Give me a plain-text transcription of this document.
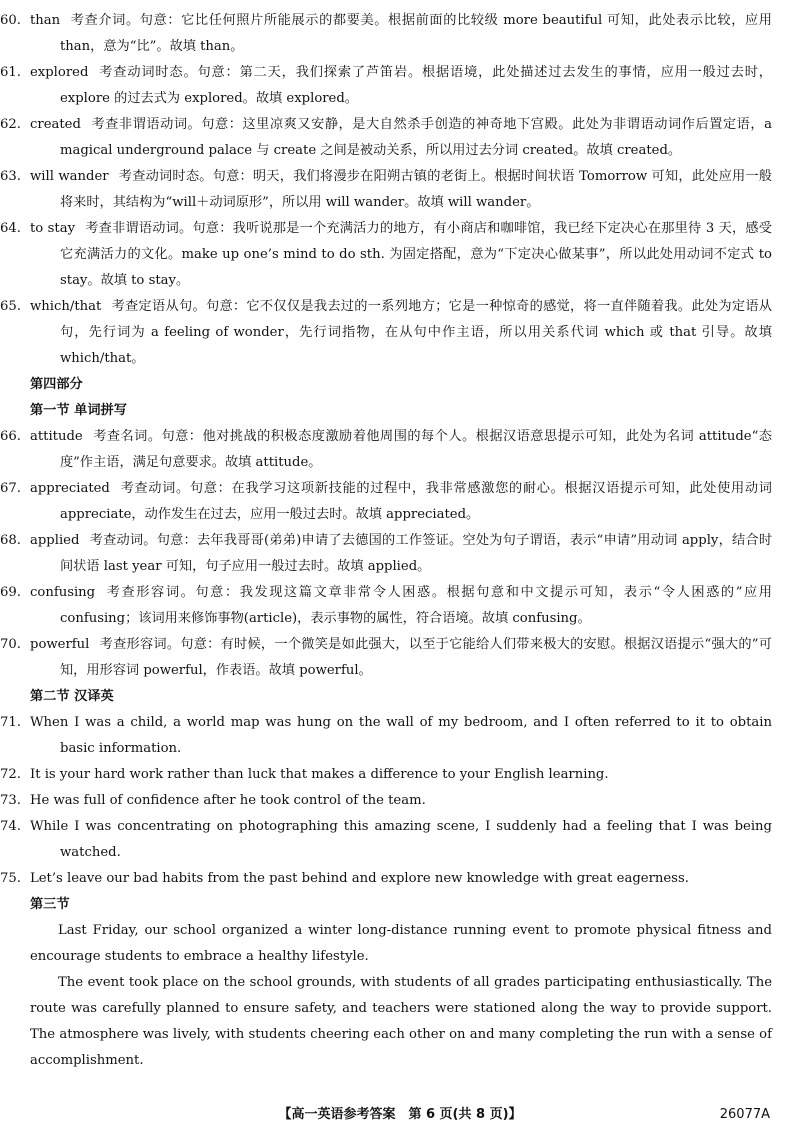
60. than 考查介词。句意：它比任何照片所能展示的都要美。根据前面的比较级 more beautiful 可知，此处表示比较，应用 than，意为“比”。故填 than。

61. explored 考查动词时态。句意：第二天，我们探索了芦笛岩。根据语境，此处描述过去发生的事情，应用一般过去时，explore 的过去式为 explored。故填 explored。

62. created 考查非谓语动词。句意：这里凉爽又安静，是大自然杀手创造的神奇地下宫殿。此处为非谓语动词作后置定语，a magical underground palace 与 create 之间是被动关系，所以用过去分词 created。故填 created。

63. will wander 考查动词时态。句意：明天，我们将漫步在阳朔古镇的老街上。根据时间状语 Tomorrow 可知，此处应用一般将来时，其结构为“will＋动词原形”，所以用 will wander。故填 will wander。

64. to stay 考查非谓语动词。句意：我听说那是一个充满活力的地方，有小商店和咖啡馆，我已经下定决心在那里待 3 天，感受它充满活力的文化。make up one’s mind to do sth. 为固定搭配，意为“下定决心做某事”，所以此处用动词不定式 to stay。故填 to stay。

65. which/that 考查定语从句。句意：它不仅仅是我去过的一系列地方；它是一种惊奇的感觉，将一直伴随着我。此处为定语从句，先行词为 a feeling of wonder，先行词指物，在从句中作主语，所以用关系代词 which 或 that 引导。故填 which/that。

第四部分

第一节 单词拼写

66. attitude 考查名词。句意：他对挑战的积极态度激励着他周围的每个人。根据汉语意思提示可知，此处为名词 attitude“态度”作主语，满足句意要求。故填 attitude。

67. appreciated 考查动词。句意：在我学习这项新技能的过程中，我非常感激您的耐心。根据汉语提示可知，此处使用动词 appreciate，动作发生在过去，应用一般过去时。故填 appreciated。

68. applied 考查动词。句意：去年我哥哥(弟弟)申请了去德国的工作签证。空处为句子谓语，表示“申请”用动词 apply，结合时间状语 last year 可知，句子应用一般过去时。故填 applied。

69. confusing 考查形容词。句意：我发现这篇文章非常令人困惑。根据句意和中文提示可知，表示“令人困惑的”应用 confusing；该词用来修饰事物(article)，表示事物的属性，符合语境。故填 confusing。

70. powerful 考查形容词。句意：有时候，一个微笑是如此强大，以至于它能给人们带来极大的安慰。根据汉语提示“强大的”可知，用形容词 powerful，作表语。故填 powerful。

第二节 汉译英

71. When I was a child, a world map was hung on the wall of my bedroom, and I often referred to it to obtain basic information.

72. It is your hard work rather than luck that makes a difference to your English learning.

73. He was full of confidence after he took control of the team.

74. While I was concentrating on photographing this amazing scene, I suddenly had a feeling that I was being watched.

75. Let’s leave our bad habits from the past behind and explore new knowledge with great eagerness.

第三节

Last Friday, our school organized a winter long-distance running event to promote physical fitness and encourage students to embrace a healthy lifestyle.

The event took place on the school grounds, with students of all grades participating enthusiastically. The route was carefully planned to ensure safety, and teachers were stationed along the way to provide support. The atmosphere was lively, with students cheering each other on and many completing the run with a sense of accomplishment.

【高一英语参考答案　第 6 页(共 8 页)】	26077A
